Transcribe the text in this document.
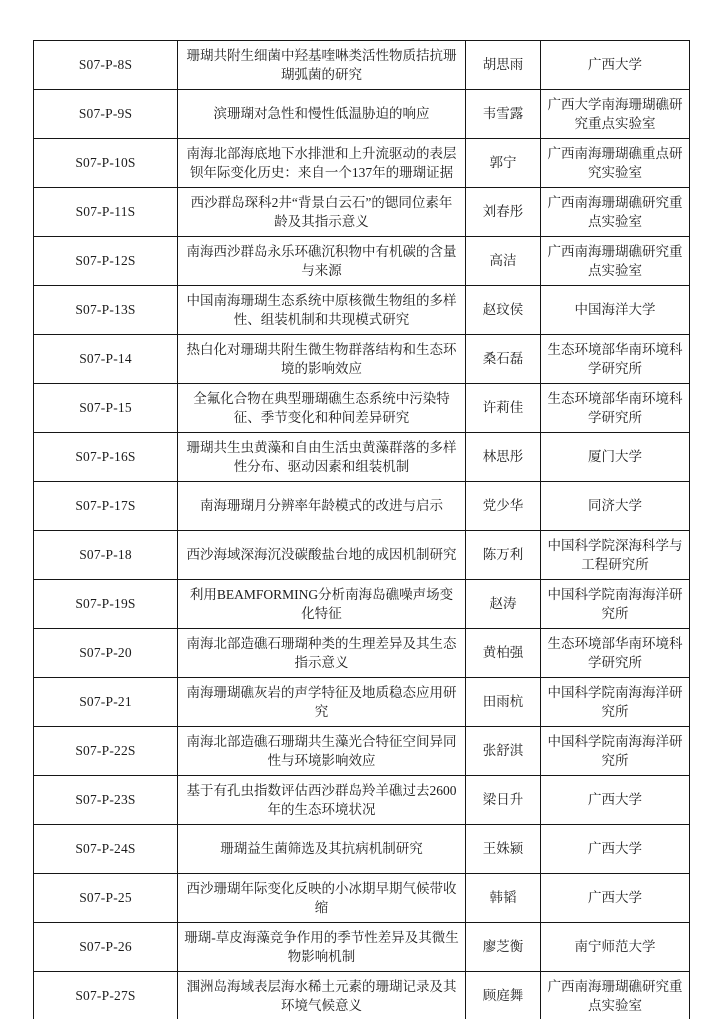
S07-P-8S	珊瑚共附生细菌中羟基喹啉类活性物质拮抗珊瑚弧菌的研究	胡思雨	广西大学
S07-P-9S	滨珊瑚对急性和慢性低温胁迫的响应	韦雪露	广西大学南海珊瑚礁研究重点实验室
S07-P-10S	南海北部海底地下水排泄和上升流驱动的表层钡年际变化历史：来自一个137年的珊瑚证据	郭宁	广西南海珊瑚礁重点研究实验室
S07-P-11S	西沙群岛琛科2井“背景白云石”的锶同位素年龄及其指示意义	刘春彤	广西南海珊瑚礁研究重点实验室
S07-P-12S	南海西沙群岛永乐环礁沉积物中有机碳的含量与来源	高洁	广西南海珊瑚礁研究重点实验室
S07-P-13S	中国南海珊瑚生态系统中原核微生物组的多样性、组装机制和共现模式研究	赵玟侯	中国海洋大学
S07-P-14	热白化对珊瑚共附生微生物群落结构和生态环境的影响效应	桑石磊	生态环境部华南环境科学研究所
S07-P-15	全氟化合物在典型珊瑚礁生态系统中污染特征、季节变化和种间差异研究	许莉佳	生态环境部华南环境科学研究所
S07-P-16S	珊瑚共生虫黄藻和自由生活虫黄藻群落的多样性分布、驱动因素和组装机制	林思彤	厦门大学
S07-P-17S	南海珊瑚月分辨率年龄模式的改进与启示	党少华	同济大学
S07-P-18	西沙海域深海沉没碳酸盐台地的成因机制研究	陈万利	中国科学院深海科学与工程研究所
S07-P-19S	利用BEAMFORMING分析南海岛礁噪声场变化特征	赵涛	中国科学院南海海洋研究所
S07-P-20	南海北部造礁石珊瑚种类的生理差异及其生态指示意义	黄柏强	生态环境部华南环境科学研究所
S07-P-21	南海珊瑚礁灰岩的声学特征及地质稳态应用研究	田雨杭	中国科学院南海海洋研究所
S07-P-22S	南海北部造礁石珊瑚共生藻光合特征空间异同性与环境影响效应	张舒淇	中国科学院南海海洋研究所
S07-P-23S	基于有孔虫指数评估西沙群岛羚羊礁过去2600年的生态环境状况	梁日升	广西大学
S07-P-24S	珊瑚益生菌筛选及其抗病机制研究	王姝颍	广西大学
S07-P-25	西沙珊瑚年际变化反映的小冰期早期气候带收缩	韩韬	广西大学
S07-P-26	珊瑚-草皮海藻竞争作用的季节性差异及其微生物影响机制	廖芝衡	南宁师范大学
S07-P-27S	涠洲岛海域表层海水稀土元素的珊瑚记录及其环境气候意义	顾庭舞	广西南海珊瑚礁研究重点实验室
